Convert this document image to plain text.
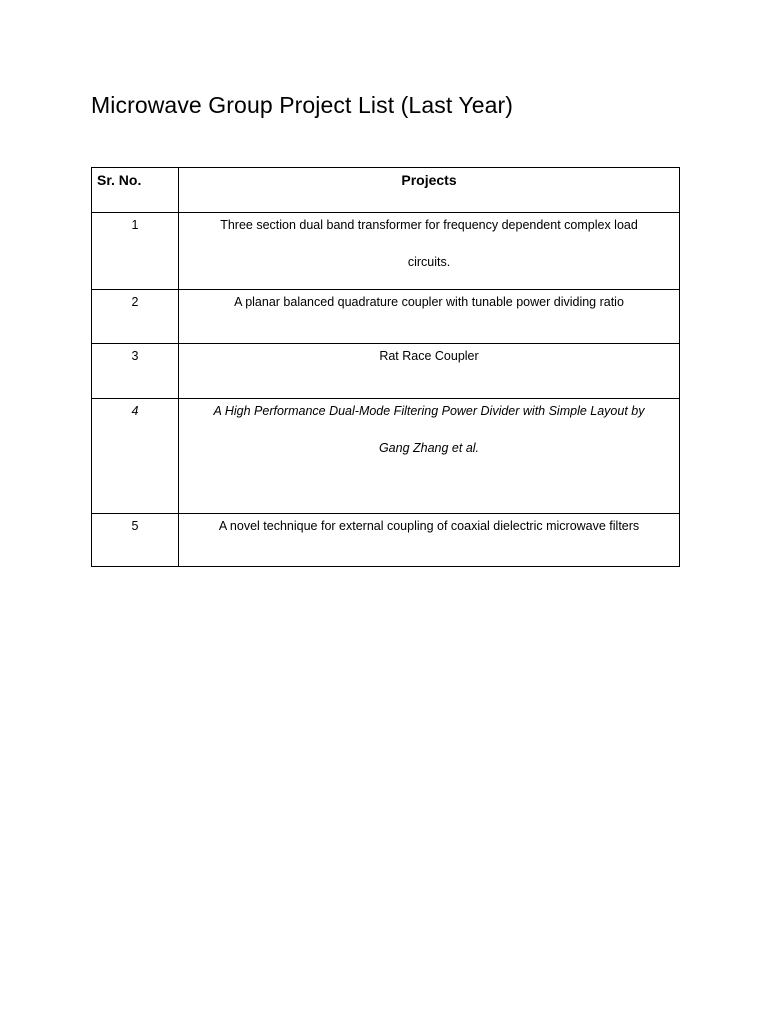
Microwave Group Project List (Last Year)
Sr. No.	Projects

1	Three section dual band transformer for frequency dependent complex load
circuits.

2	A planar balanced quadrature coupler with tunable power dividing ratio

3	Rat Race Coupler

4	A High Performance Dual-Mode Filtering Power Divider with Simple Layout by
Gang Zhang et al.

5	A novel technique for external coupling of coaxial dielectric microwave filters
